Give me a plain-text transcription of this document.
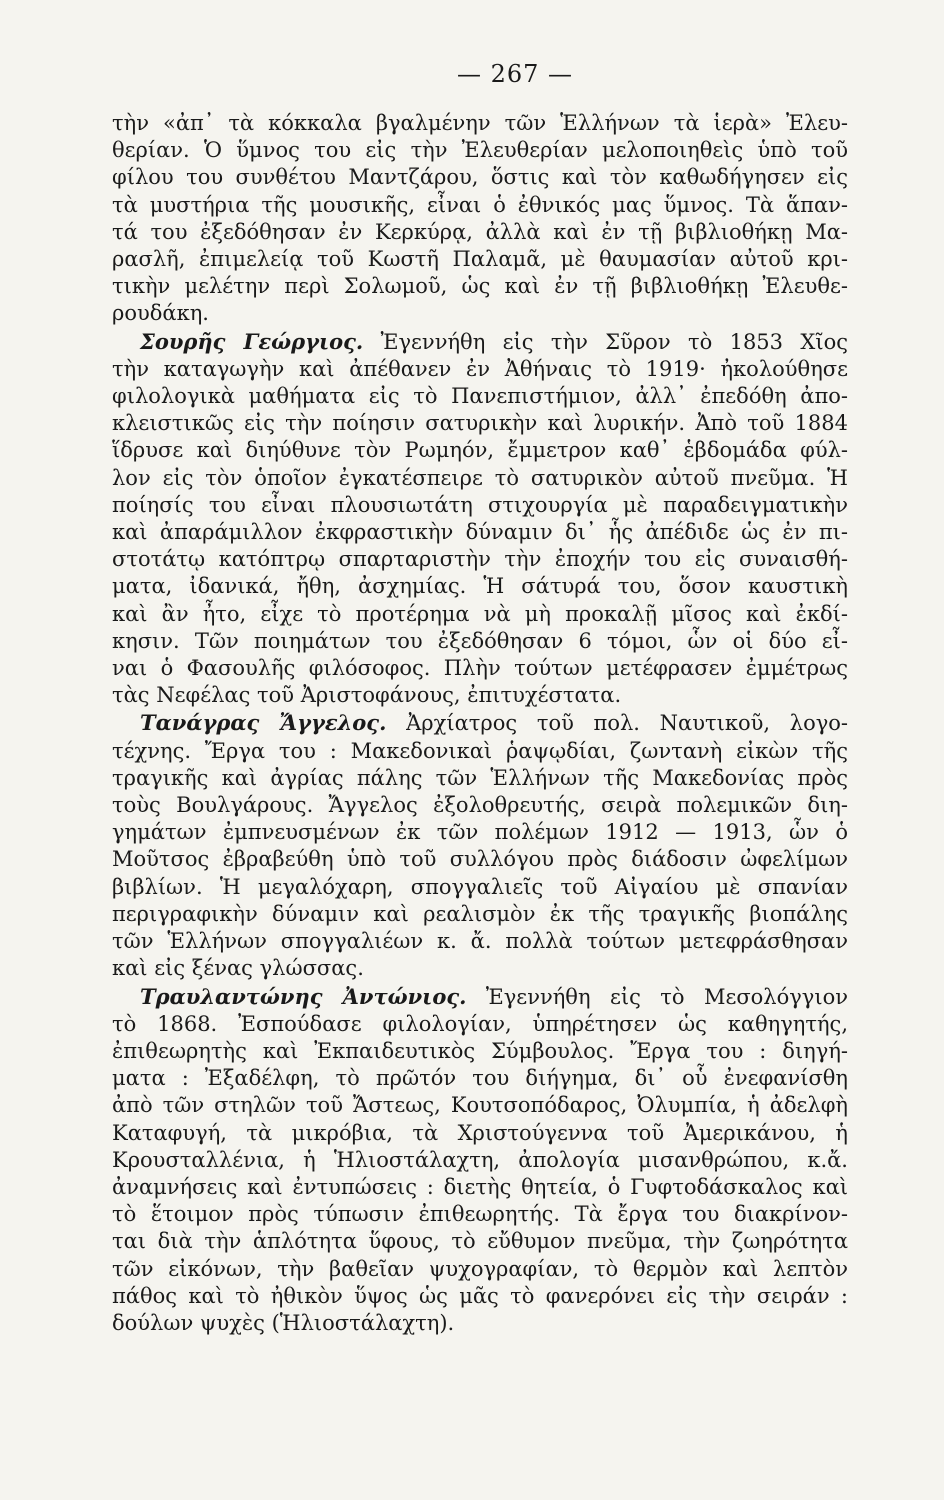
— 267 —
τὴν «ἀπ᾿ τὰ κόκκαλα βγαλμένην τῶν Ἑλλήνων τὰ ἱερὰ» Ἐλευ-
θερίαν. Ὁ ὕμνος του εἰς τὴν Ἐλευθερίαν μελοποιηθεὶς ὑπὸ τοῦ
φίλου του συνθέτου Μαντζάρου, ὅστις καὶ τὸν καθωδήγησεν εἰς
τὰ μυστήρια τῆς μουσικῆς, εἶναι ὁ ἐθνικός μας ὕμνος. Τὰ ἅπαν-
τά του ἐξεδόθησαν ἐν Κερκύρᾳ, ἀλλὰ καὶ ἐν τῇ βιβλιοθήκῃ Μα-
ρασλῆ, ἐπιμελείᾳ τοῦ Κωστῆ Παλαμᾶ, μὲ θαυμασίαν αὐτοῦ κρι-
τικὴν μελέτην περὶ Σολωμοῦ, ὡς καὶ ἐν τῇ βιβλιοθήκῃ Ἐλευθε-
ρουδάκη.
Σουρῆς Γεώργιος. Ἐγεννήθη εἰς τὴν Σῦρον τὸ 1853 Χῖος
τὴν καταγωγὴν καὶ ἀπέθανεν ἐν Ἀθήναις τὸ 1919· ἠκολούθησε
φιλολογικὰ μαθήματα εἰς τὸ Πανεπιστήμιον, ἀλλ᾿ ἐπεδόθη ἀπο-
κλειστικῶς εἰς τὴν ποίησιν σατυρικὴν καὶ λυρικήν. Ἀπὸ τοῦ 1884
ἵδρυσε καὶ διηύθυνε τὸν Ρωμηόν, ἔμμετρον καθ᾿ ἑβδομάδα φύλ-
λον εἰς τὸν ὁποῖον ἐγκατέσπειρε τὸ σατυρικὸν αὐτοῦ πνεῦμα. Ἡ
ποίησίς του εἶναι πλουσιωτάτη στιχουργία μὲ παραδειγματικὴν
καὶ ἀπαράμιλλον ἐκφραστικὴν δύναμιν δι᾿ ἧς ἀπέδιδε ὡς ἐν πι-
στοτάτῳ κατόπτρῳ σπαρταριστὴν τὴν ἐποχήν του εἰς συναισθή-
ματα, ἰδανικά, ἤθη, ἀσχημίας. Ἡ σάτυρά του, ὅσον καυστικὴ
καὶ ἂν ἦτο, εἶχε τὸ προτέρημα νὰ μὴ προκαλῇ μῖσος καὶ ἐκδί-
κησιν. Τῶν ποιημάτων του ἐξεδόθησαν 6 τόμοι, ὧν οἱ δύο εἶ-
ναι ὁ Φασουλῆς φιλόσοφος. Πλὴν τούτων μετέφρασεν ἐμμέτρως
τὰς Νεφέλας τοῦ Ἀριστοφάνους, ἐπιτυχέστατα.
Τανάγρας Ἄγγελος. Ἀρχίατρος τοῦ πολ. Ναυτικοῦ, λογο-
τέχνης. Ἔργα του : Μακεδονικαὶ ῥαψῳδίαι, ζωντανὴ εἰκὼν τῆς
τραγικῆς καὶ ἀγρίας πάλης τῶν Ἑλλήνων τῆς Μακεδονίας πρὸς
τοὺς Βουλγάρους. Ἄγγελος ἐξολοθρευτής, σειρὰ πολεμικῶν διη-
γημάτων ἐμπνευσμένων ἐκ τῶν πολέμων 1912 — 1913, ὧν ὁ
Μοῦτσος ἐβραβεύθη ὑπὸ τοῦ συλλόγου πρὸς διάδοσιν ὠφελίμων
βιβλίων. Ἡ μεγαλόχαρη, σπογγαλιεῖς τοῦ Αἰγαίου μὲ σπανίαν
περιγραφικὴν δύναμιν καὶ ρεαλισμὸν ἐκ τῆς τραγικῆς βιοπάλης
τῶν Ἑλλήνων σπογγαλιέων κ. ἄ. πολλὰ τούτων μετεφράσθησαν
καὶ εἰς ξένας γλώσσας.
Τραυλαντώνης Ἀντώνιος. Ἐγεννήθη εἰς τὸ Μεσολόγγιον
τὸ 1868. Ἐσπούδασε φιλολογίαν, ὑπηρέτησεν ὡς καθηγητής,
ἐπιθεωρητὴς καὶ Ἐκπαιδευτικὸς Σύμβουλος. Ἔργα του : διηγή-
ματα : Ἐξαδέλφη, τὸ πρῶτόν του διήγημα, δι᾿ οὗ ἐνεφανίσθη
ἀπὸ τῶν στηλῶν τοῦ Ἄστεως, Κουτσοπόδαρος, Ὀλυμπία, ἡ ἀδελφὴ
Καταφυγή, τὰ μικρόβια, τὰ Χριστούγεννα τοῦ Ἀμερικάνου, ἡ
Κρουσταλλένια, ἡ Ἡλιοστάλαχτη, ἀπολογία μισανθρώπου, κ.ἄ.
ἀναμνήσεις καὶ ἐντυπώσεις : διετὴς θητεία, ὁ Γυφτοδάσκαλος καὶ
τὸ ἕτοιμον πρὸς τύπωσιν ἐπιθεωρητής. Τὰ ἔργα του διακρίνον-
ται διὰ τὴν ἁπλότητα ὕφους, τὸ εὔθυμον πνεῦμα, τὴν ζωηρότητα
τῶν εἰκόνων, τὴν βαθεῖαν ψυχογραφίαν, τὸ θερμὸν καὶ λεπτὸν
πάθος καὶ τὸ ἠθικὸν ὕψος ὡς μᾶς τὸ φανερόνει εἰς τὴν σειράν :
δούλων ψυχὲς (Ἡλιοστάλαχτη).
